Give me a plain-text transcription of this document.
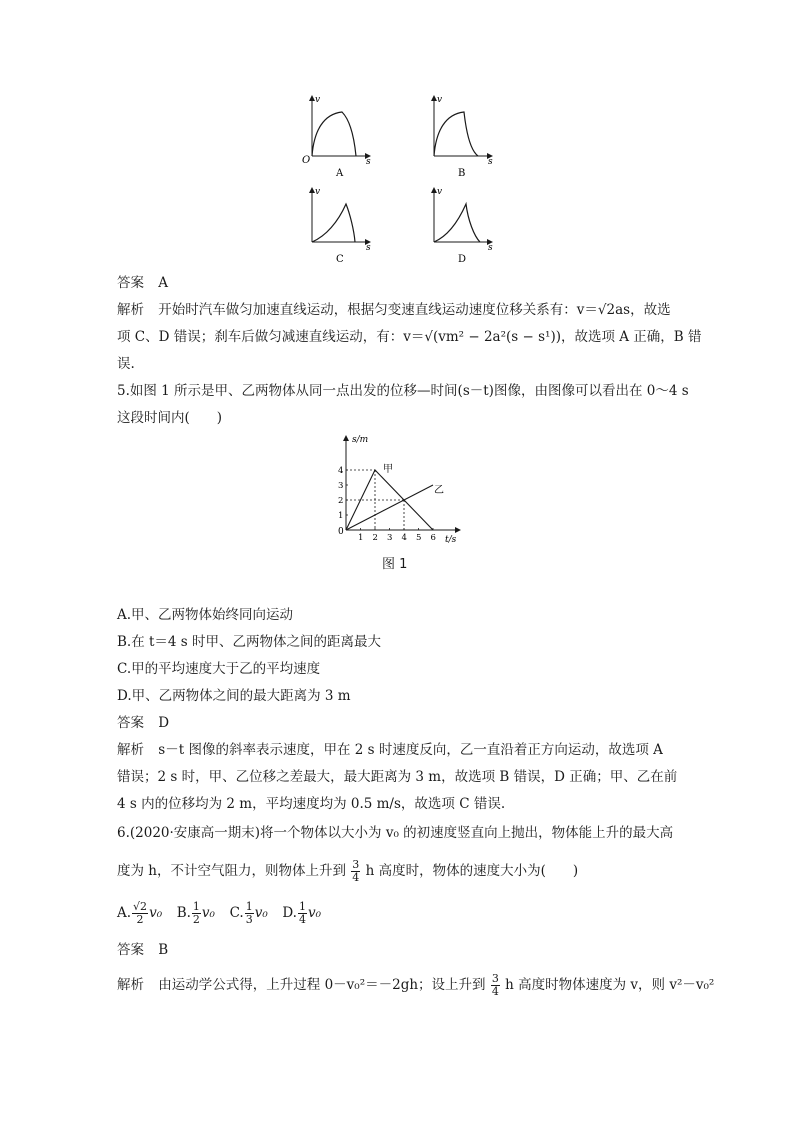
v
s
O
A
v
s
B
v
s
C
v
s
D
答案 A
解析 开始时汽车做匀加速直线运动，根据匀变速直线运动速度位移关系有：v＝√2as，故选
项 C、D 错误；刹车后做匀减速直线运动，有：v＝√(vm² − 2a²(s − s¹))，故选项 A 正确，B 错
误.
5.如图 1 所示是甲、乙两物体从同一点出发的位移—时间(s－t)图像，由图像可以看出在 0～4 s
这段时间内(　　)
甲
乙
1 2 3 4 5 6
1
2
3
4
s/m
t/s
0
图 1
A.甲、乙两物体始终同向运动
B.在 t＝4 s 时甲、乙两物体之间的距离最大
C.甲的平均速度大于乙的平均速度
D.甲、乙两物体之间的最大距离为 3 m
答案 D
解析 s－t 图像的斜率表示速度，甲在 2 s 时速度反向，乙一直沿着正方向运动，故选项 A
错误；2 s 时，甲、乙位移之差最大，最大距离为 3 m，故选项 B 错误，D 正确；甲、乙在前
4 s 内的位移均为 2 m，平均速度均为 0.5 m/s，故选项 C 错误.
6.(2020·安康高一期末)将一个物体以大小为 v₀ 的初速度竖直向上抛出，物体能上升的最大高
度为 h，不计空气阻力，则物体上升到 $\frac{3}{4}$ h 高度时，物体的速度大小为(　　)
A. $\frac{√2}{2} v_0$ B. $\frac{1}{2} v_0$ C. $\frac{1}{3} v_0$ D. $\frac{1}{4} v_0$
答案 B
解析 由运动学公式得，上升过程 0－v₀²＝－2gh；设上升到 $\frac{3}{4}$ h 高度时物体速度为 v，则 v²－v₀²
